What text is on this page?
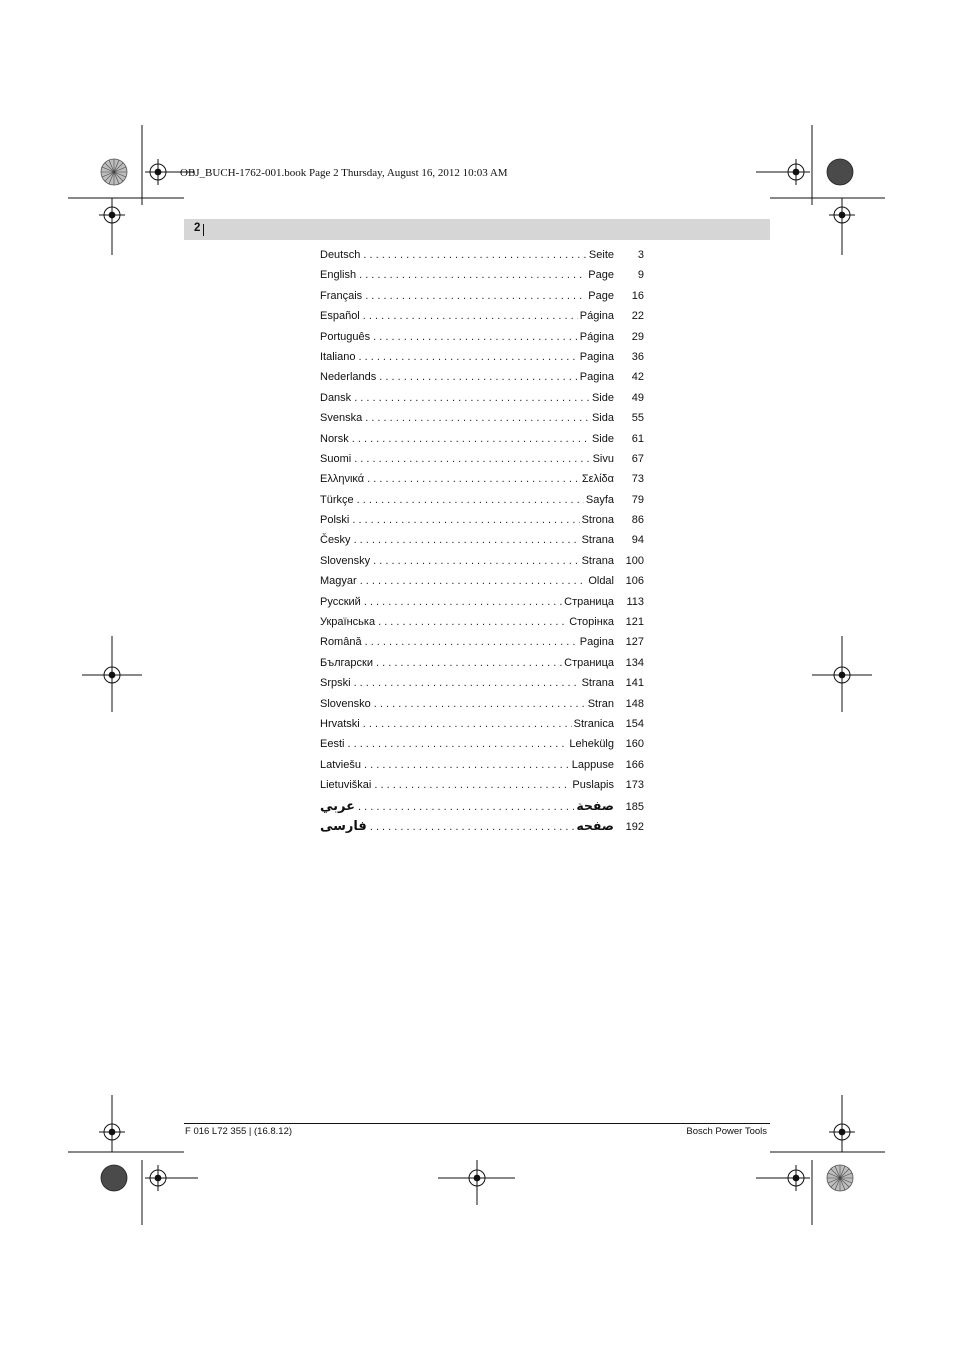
OBJ_BUCH-1762-001.book Page 2 Thursday, August 16, 2012 10:03 AM
2
Deutsch . . .	Seite	3
English . . .	Page	9
Français . . .	Page	16
Español . . .	Página	22
Português . . .	Página	29
Italiano . . .	Pagina	36
Nederlands . . .	Pagina	42
Dansk . . .	Side	49
Svenska . . .	Sida	55
Norsk . . .	Side	61
Suomi . . .	Sivu	67
Ελληνικά . . .	Σελίδα	73
Türkçe . . .	Sayfa	79
Polski . . .	Strona	86
Česky . . .	Strana	94
Slovensky . . .	Strana	100
Magyar . . .	Oldal	106
Русский . . .	Страница	113
Українська . . .	Сторінка	121
Română . . .	Pagina	127
Български . . .	Страница	134
Srpski . . .	Strana	141
Slovensko . . .	Stran	148
Hrvatski . . .	Stranica	154
Eesti . . .	Lehekülg	160
Latviešu . . .	Lappuse	166
Lietuviškai . . .	Puslapis	173
عربي . . .	صفحة	185
فارسی . . .	صفحه	192
F 016 L72 355 | (16.8.12)	Bosch Power Tools
